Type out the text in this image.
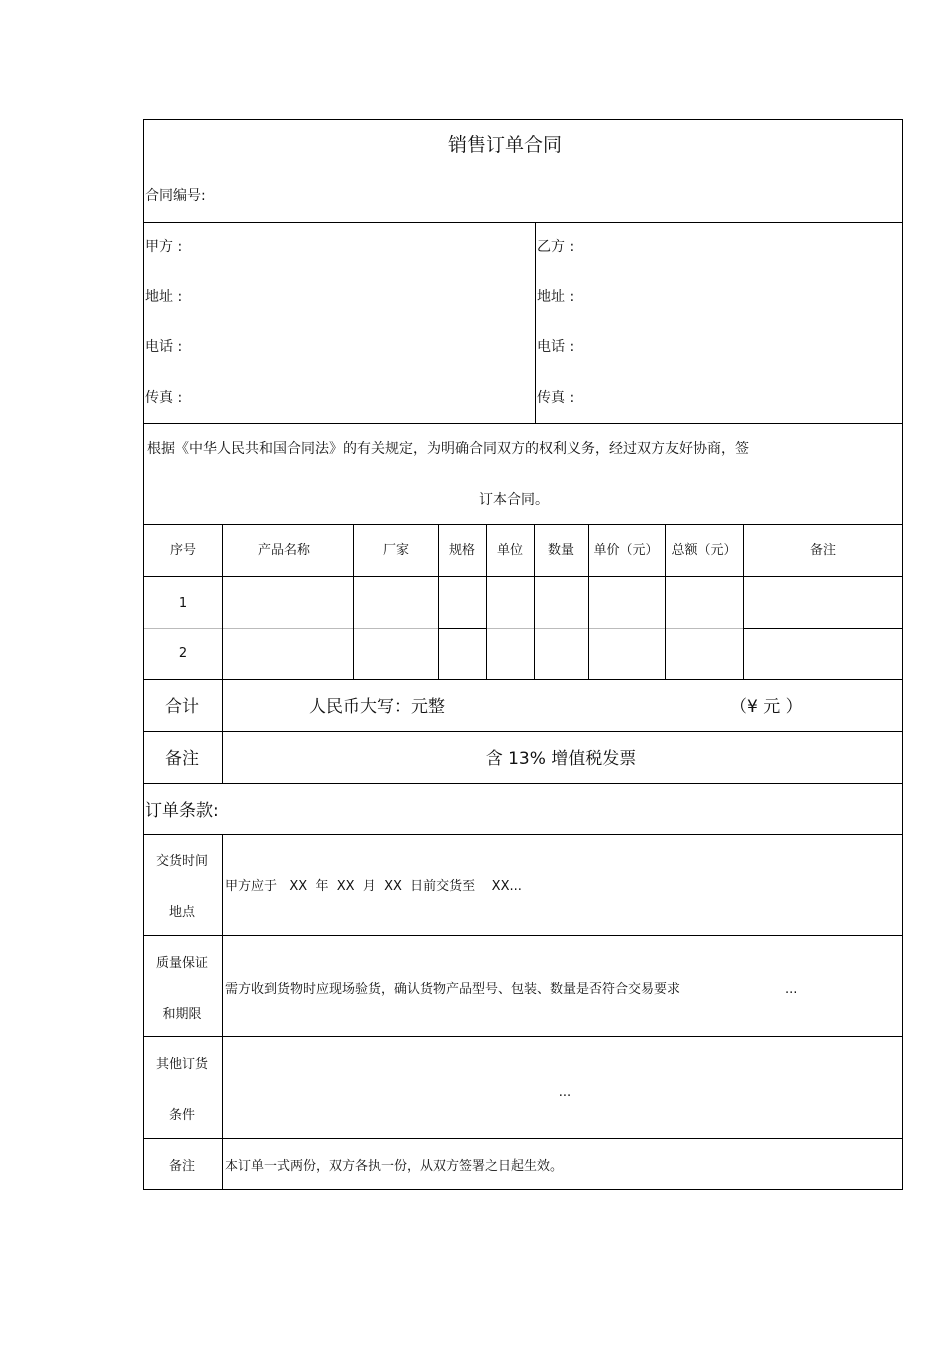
销售订单合同
合同编号:
甲方 :
地址 :
电话 :
传真 :
乙方 :
地址 :
电话 :
传真 :
根据《中华人民共和国合同法》的有关规定，为明确合同双方的权利义务，经过双方友好协商，签
订本合同。
序号	产品名称	厂家	规格 单位 数量 单价（元） 总额（元）	备注
1
2
合计	人民币大写：元整	（¥ 元 ）
备注	含 13% 增值税发票
订单条款:
交货时间
地点
甲方应于   XX  年  XX  月  XX  日前交货至    XX...
质量保证
和期限
需方收到货物时应现场验货，确认货物产品型号、包装、数量是否符合交易要求	...
其他订货
条件
...
备注 本订单一式两份，双方各执一份，从双方签署之日起生效。
